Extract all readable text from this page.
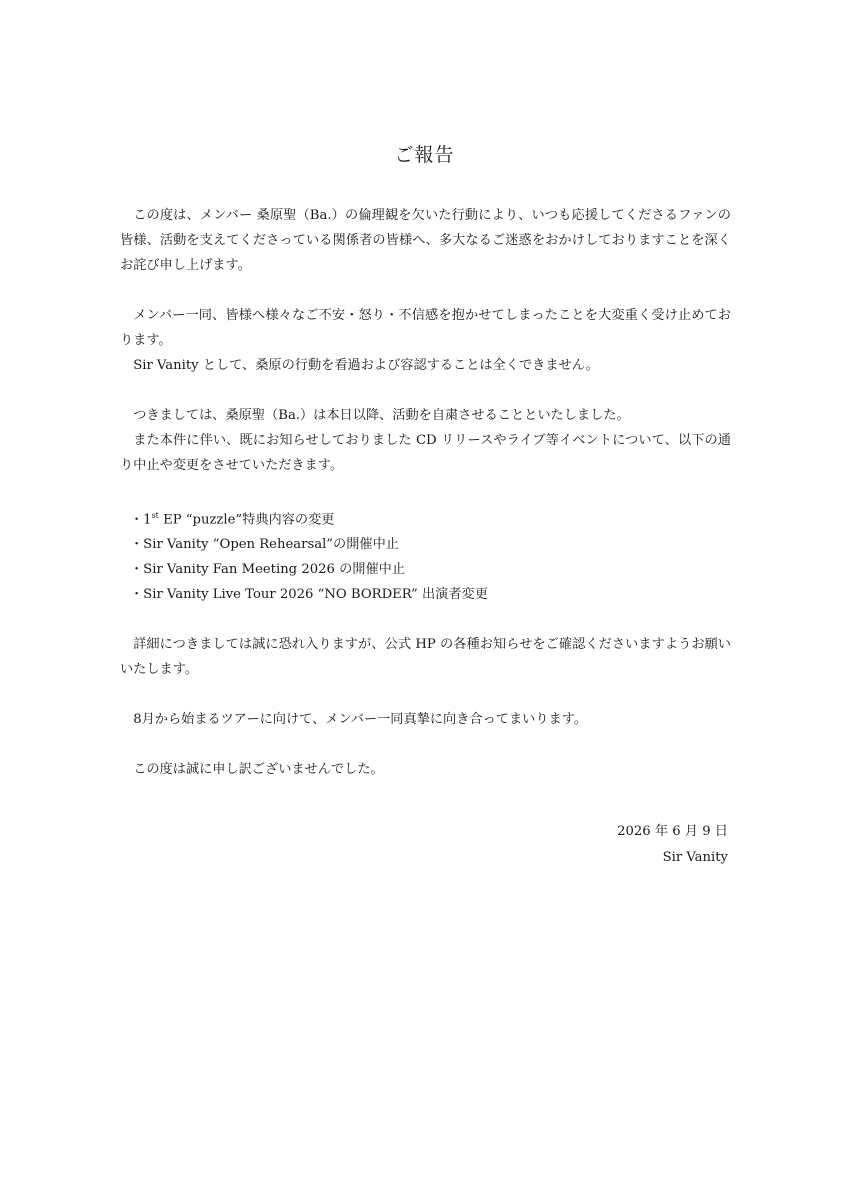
ご報告

この度は、メンバー 桑原聖（Ba.）の倫理観を欠いた行動により、いつも応援してくださるファンの皆様、活動を支えてくださっている関係者の皆様へ、多大なるご迷惑をおかけしておりますことを深くお詫び申し上げます。

メンバー一同、皆様へ様々なご不安・怒り・不信感を抱かせてしまったことを大変重く受け止めております。

Sir Vanity として、桑原の行動を看過および容認することは全くできません。

つきましては、桑原聖（Ba.）は本日以降、活動を自粛させることといたしました。

また本件に伴い、既にお知らせしておりました CD リリースやライブ等イベントについて、以下の通り中止や変更をさせていただきます。

・1st EP “puzzle”特典内容の変更
・Sir Vanity “Open Rehearsal”の開催中止
・Sir Vanity Fan Meeting 2026 の開催中止
・Sir Vanity Live Tour 2026 “NO BORDER” 出演者変更

詳細につきましては誠に恐れ入りますが、公式 HP の各種お知らせをご確認くださいますようお願いいたします。

8月から始まるツアーに向けて、メンバー一同真摯に向き合ってまいります。

この度は誠に申し訳ございませんでした。

2026 年 6 月 9 日
Sir Vanity
